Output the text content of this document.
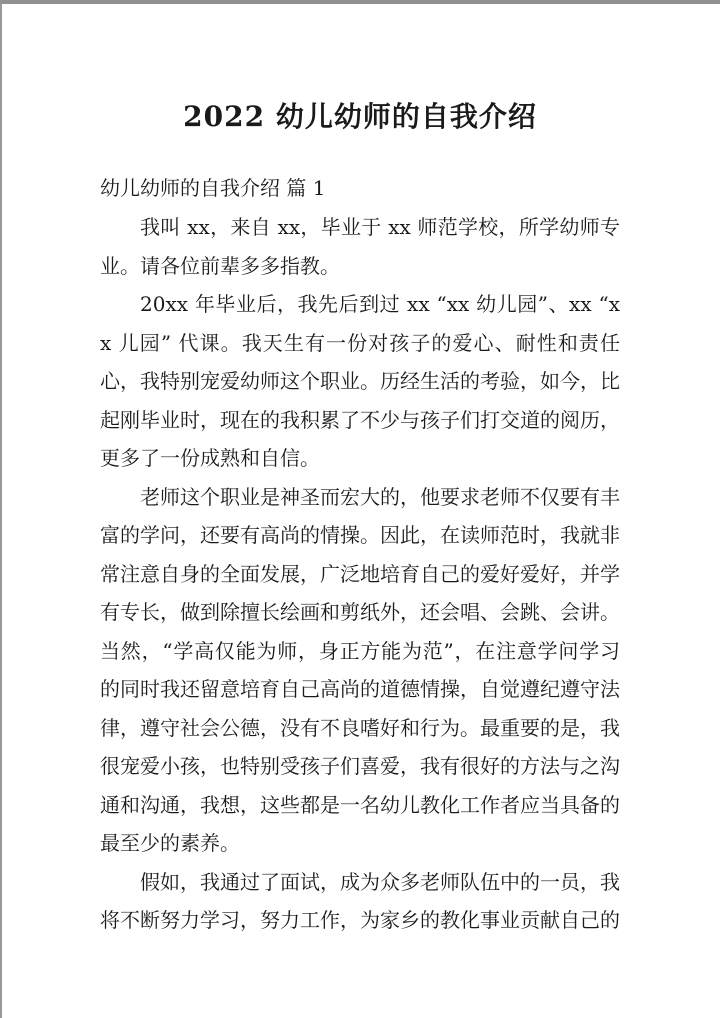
2022 幼儿幼师的自我介绍

幼儿幼师的自我介绍 篇 1

我叫 xx，来自 xx，毕业于 xx 师范学校，所学幼师专业。请各位前辈多多指教。

20xx 年毕业后，我先后到过 xx “xx 幼儿园”、xx “xx 儿园” 代课。我天生有一份对孩子的爱心、耐性和责任心，我特别宠爱幼师这个职业。历经生活的考验，如今，比起刚毕业时，现在的我积累了不少与孩子们打交道的阅历，更多了一份成熟和自信。

老师这个职业是神圣而宏大的，他要求老师不仅要有丰富的学问，还要有高尚的情操。因此，在读师范时，我就非常注意自身的全面发展，广泛地培育自己的爱好爱好，并学有专长，做到除擅长绘画和剪纸外，还会唱、会跳、会讲。当然，“学高仅能为师，身正方能为范”，在注意学问学习的同时我还留意培育自己高尚的道德情操，自觉遵纪遵守法律，遵守社会公德，没有不良嗜好和行为。最重要的是，我很宠爱小孩，也特别受孩子们喜爱，我有很好的方法与之沟通和沟通，我想，这些都是一名幼儿教化工作者应当具备的最至少的素养。

假如，我通过了面试，成为众多老师队伍中的一员，我将不断努力学习，努力工作，为家乡的教化事业贡献自己的
